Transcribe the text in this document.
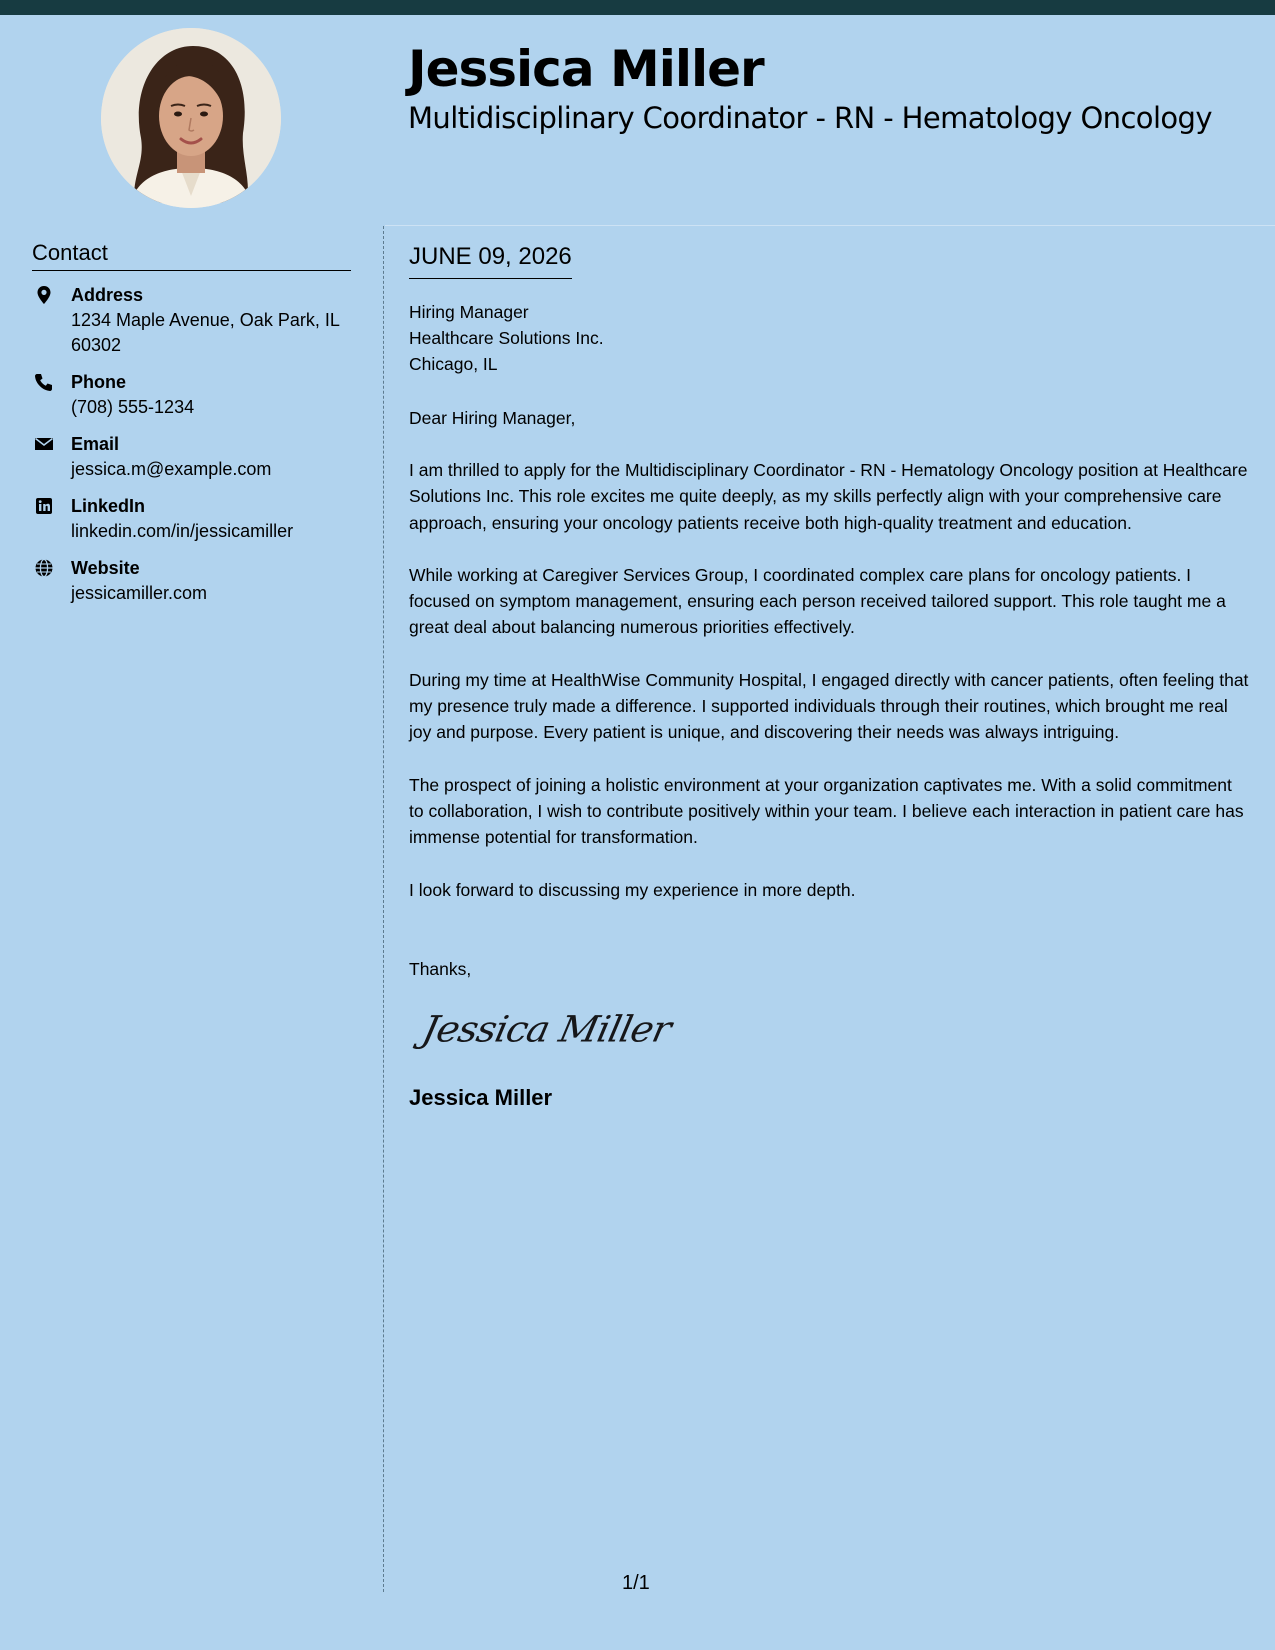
Jessica Miller
Multidisciplinary Coordinator - RN - Hematology Oncology
Contact
Address
1234 Maple Avenue, Oak Park, IL 60302
Phone
(708) 555-1234
Email
jessica.m@example.com
LinkedIn
linkedin.com/in/jessicamiller
Website
jessicamiller.com
JUNE 09, 2026
Hiring Manager
Healthcare Solutions Inc.
Chicago, IL
Dear Hiring Manager,

I am thrilled to apply for the Multidisciplinary Coordinator - RN - Hematology Oncology position at Healthcare Solutions Inc. This role excites me quite deeply, as my skills perfectly align with your comprehensive care approach, ensuring your oncology patients receive both high-quality treatment and education.

While working at Caregiver Services Group, I coordinated complex care plans for oncology patients. I focused on symptom management, ensuring each person received tailored support. This role taught me a great deal about balancing numerous priorities effectively.

During my time at HealthWise Community Hospital, I engaged directly with cancer patients, often feeling that my presence truly made a difference. I supported individuals through their routines, which brought me real joy and purpose. Every patient is unique, and discovering their needs was always intriguing.

The prospect of joining a holistic environment at your organization captivates me. With a solid commitment to collaboration, I wish to contribute positively within your team. I believe each interaction in patient care has immense potential for transformation.

I look forward to discussing my experience in more depth.

Thanks,
Jessica Miller
Jessica Miller
1/1
